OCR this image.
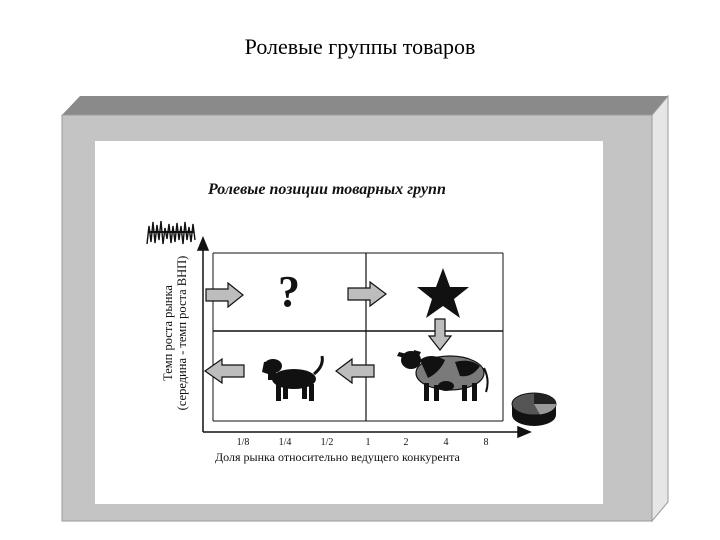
Ролевые группы товаров
?
Ролевые позиции товарных групп
Темп роста рынка (середина - темп роста ВНП)
1/8	1/4	1/2	1	2	4	8
Доля рынка относительно ведущего конкурента
